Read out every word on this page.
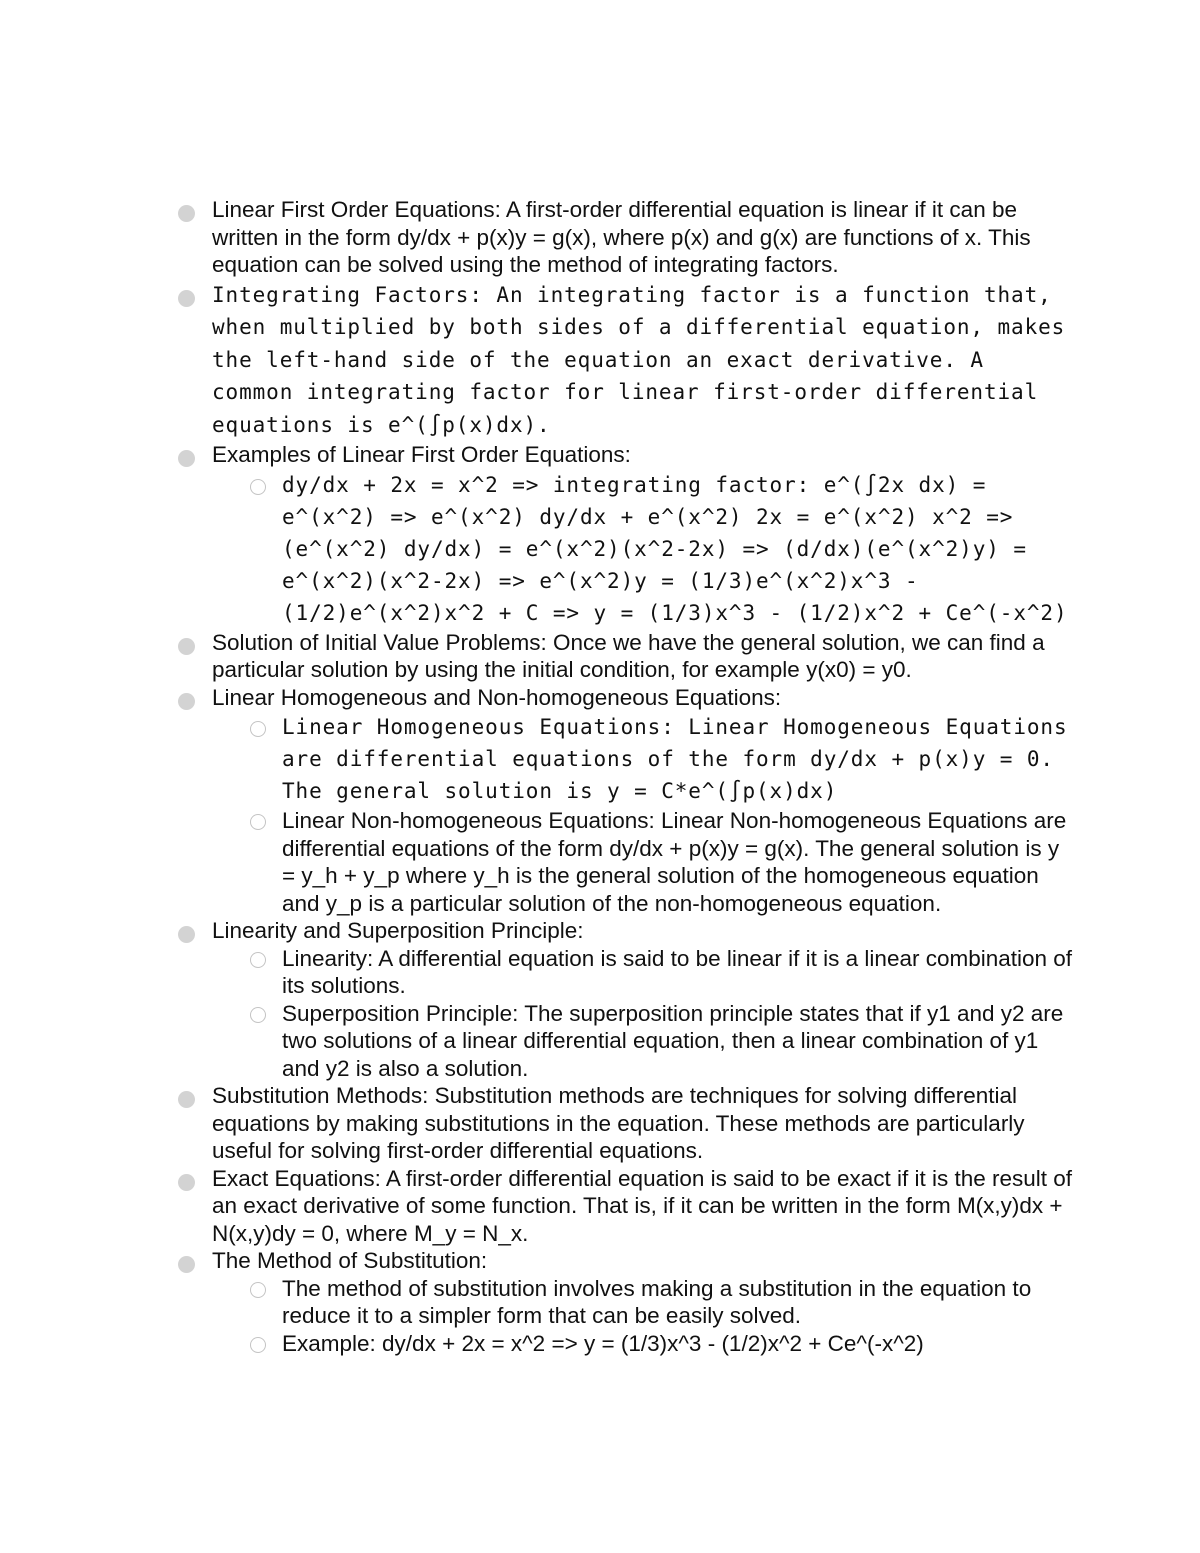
Linear First Order Equations: A first-order differential equation is linear if it can be written in the form dy/dx + p(x)y = g(x), where p(x) and g(x) are functions of x. This equation can be solved using the method of integrating factors.
Integrating Factors: An integrating factor is a function that, when multiplied by both sides of a differential equation, makes the left-hand side of the equation an exact derivative. A common integrating factor for linear first-order differential equations is e^(∫p(x)dx).
Examples of Linear First Order Equations:
dy/dx + 2x = x^2 => integrating factor: e^(∫2x dx) = e^(x^2) => e^(x^2) dy/dx + e^(x^2) 2x = e^(x^2) x^2 => (e^(x^2) dy/dx) = e^(x^2)(x^2-2x) => (d/dx)(e^(x^2)y) = e^(x^2)(x^2-2x) => e^(x^2)y = (1/3)e^(x^2)x^3 - (1/2)e^(x^2)x^2 + C => y = (1/3)x^3 - (1/2)x^2 + Ce^(-x^2)
Solution of Initial Value Problems: Once we have the general solution, we can find a particular solution by using the initial condition, for example y(x0) = y0.
Linear Homogeneous and Non-homogeneous Equations:
Linear Homogeneous Equations: Linear Homogeneous Equations are differential equations of the form dy/dx + p(x)y = 0. The general solution is y = C*e^(∫p(x)dx)
Linear Non-homogeneous Equations: Linear Non-homogeneous Equations are differential equations of the form dy/dx + p(x)y = g(x). The general solution is y = y_h + y_p where y_h is the general solution of the homogeneous equation and y_p is a particular solution of the non-homogeneous equation.
Linearity and Superposition Principle:
Linearity: A differential equation is said to be linear if it is a linear combination of its solutions.
Superposition Principle: The superposition principle states that if y1 and y2 are two solutions of a linear differential equation, then a linear combination of y1 and y2 is also a solution.
Substitution Methods: Substitution methods are techniques for solving differential equations by making substitutions in the equation. These methods are particularly useful for solving first-order differential equations.
Exact Equations: A first-order differential equation is said to be exact if it is the result of an exact derivative of some function. That is, if it can be written in the form M(x,y)dx + N(x,y)dy = 0, where M_y = N_x.
The Method of Substitution:
The method of substitution involves making a substitution in the equation to reduce it to a simpler form that can be easily solved.
Example: dy/dx + 2x = x^2 => y = (1/3)x^3 - (1/2)x^2 + Ce^(-x^2)
